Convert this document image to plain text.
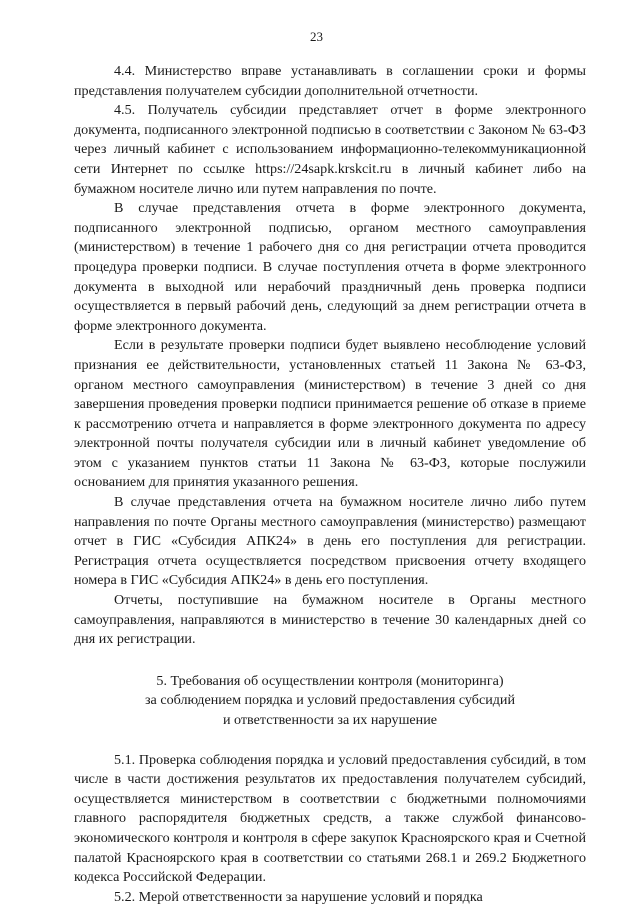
23

4.4. Министерство вправе устанавливать в соглашении сроки и формы представления получателем субсидии дополнительной отчетности.

4.5. Получатель субсидии представляет отчет в форме электронного документа, подписанного электронной подписью в соответствии с Законом № 63-ФЗ через личный кабинет с использованием информационно-телекоммуникационной сети Интернет по ссылке https://24sapk.krskcit.ru в личный кабинет либо на бумажном носителе лично или путем направления по почте.

В случае представления отчета в форме электронного документа, подписанного электронной подписью, органом местного самоуправления (министерством) в течение 1 рабочего дня со дня регистрации отчета проводится процедура проверки подписи. В случае поступления отчета в форме электронного документа в выходной или нерабочий праздничный день проверка подписи осуществляется в первый рабочий день, следующий за днем регистрации отчета в форме электронного документа.

Если в результате проверки подписи будет выявлено несоблюдение условий признания ее действительности, установленных статьей 11 Закона № 63-ФЗ, органом местного самоуправления (министерством) в течение 3 дней со дня завершения проведения проверки подписи принимается решение об отказе в приеме к рассмотрению отчета и направляется в форме электронного документа по адресу электронной почты получателя субсидии или в личный кабинет уведомление об этом с указанием пунктов статьи 11 Закона № 63-ФЗ, которые послужили основанием для принятия указанного решения.

В случае представления отчета на бумажном носителе лично либо путем направления по почте Органы местного самоуправления (министерство) размещают отчет в ГИС «Субсидия АПК24» в день его поступления для регистрации. Регистрация отчета осуществляется посредством присвоения отчету входящего номера в ГИС «Субсидия АПК24» в день его поступления.

Отчеты, поступившие на бумажном носителе в Органы местного самоуправления, направляются в министерство в течение 30 календарных дней со дня их регистрации.

5. Требования об осуществлении контроля (мониторинга)
за соблюдением порядка и условий предоставления субсидий
и ответственности за их нарушение

5.1. Проверка соблюдения порядка и условий предоставления субсидий, в том числе в части достижения результатов их предоставления получателем субсидий, осуществляется министерством в соответствии с бюджетными полномочиями главного распорядителя бюджетных средств, а также службой финансово-экономического контроля и контроля в сфере закупок Красноярского края и Счетной палатой Красноярского края в соответствии со статьями 268.1 и 269.2 Бюджетного кодекса Российской Федерации.

5.2. Мерой ответственности за нарушение условий и порядка
